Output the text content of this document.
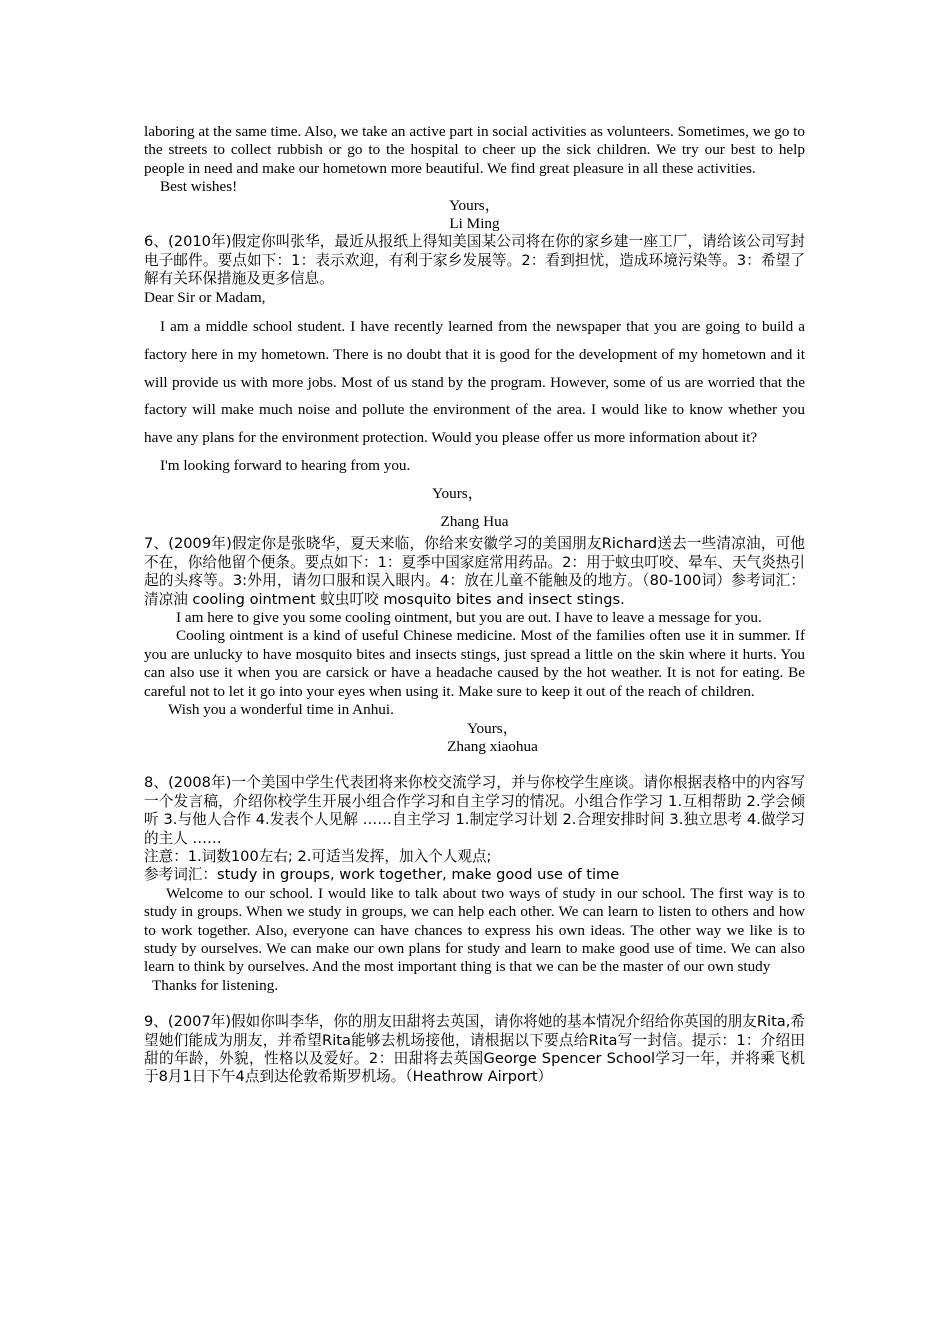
laboring at the same time. Also, we take an active part in social activities as volunteers. Sometimes, we go to the streets to collect rubbish or go to the hospital to cheer up the sick children. We try our best to help people in need and make our hometown more beautiful. We find great pleasure in all these activities.

Best wishes!

Yours，

Li Ming

6、(2010年)假定你叫张华，最近从报纸上得知美国某公司将在你的家乡建一座工厂，请给该公司写封电子邮件。要点如下：1：表示欢迎，有利于家乡发展等。2：看到担忧，造成环境污染等。3：希望了解有关环保措施及更多信息。

Dear Sir or Madam,

I am a middle school student. I have recently learned from the newspaper that you are going to build a factory here in my hometown. There is no doubt that it is good for the development of my hometown and it will provide us with more jobs. Most of us stand by the program. However, some of us are worried that the factory will make much noise and pollute the environment of the area. I would like to know whether you have any plans for the environment protection. Would you please offer us more information about it?

I'm looking forward to hearing from you.

Yours，

Zhang Hua

7、(2009年)假定你是张晓华，夏天来临，你给来安徽学习的美国朋友Richard送去一些清凉油，可他不在，你给他留个便条。要点如下：1：夏季中国家庭常用药品。2：用于蚊虫叮咬、晕车、天气炎热引起的头疼等。3:外用，请勿口服和误入眼内。4：放在儿童不能触及的地方。（80-100词）参考词汇：清凉油 cooling ointment 蚊虫叮咬 mosquito bites and insect stings.

I am here to give you some cooling ointment, but you are out. I have to leave a message for you.

Cooling ointment is a kind of useful Chinese medicine. Most of the families often use it in summer. If you are unlucky to have mosquito bites and insects stings, just spread a little on the skin where it hurts. You can also use it when you are carsick or have a headache caused by the hot weather. It is not for eating. Be careful not to let it go into your eyes when using it. Make sure to keep it out of the reach of children.

Wish you a wonderful time in Anhui.

Yours，

Zhang xiaohua

8、(2008年)一个美国中学生代表团将来你校交流学习，并与你校学生座谈。请你根据表格中的内容写一个发言稿，介绍你校学生开展小组合作学习和自主学习的情况。小组合作学习 1.互相帮助 2.学会倾听 3.与他人合作 4.发表个人见解 ……自主学习 1.制定学习计划 2.合理安排时间 3.独立思考 4.做学习的主人 ……

注意：1.词数100左右; 2.可适当发挥，加入个人观点;

参考词汇：study in groups, work together, make good use of time

Welcome to our school. I would like to talk about two ways of study in our school. The first way is to study in groups. When we study in groups, we can help each other. We can learn to listen to others and how to work together. Also, everyone can have chances to express his own ideas. The other way we like is to study by ourselves. We can make our own plans for study and learn to make good use of time. We can also learn to think by ourselves. And the most important thing is that we can be the master of our own study

Thanks for listening.

9、(2007年)假如你叫李华，你的朋友田甜将去英国，请你将她的基本情况介绍给你英国的朋友Rita,希望她们能成为朋友，并希望Rita能够去机场接他，请根据以下要点给Rita写一封信。提示：1：介绍田甜的年龄，外貌，性格以及爱好。2：田甜将去英国George Spencer School学习一年，并将乘飞机于8月1日下午4点到达伦敦希斯罗机场。（Heathrow Airport）
